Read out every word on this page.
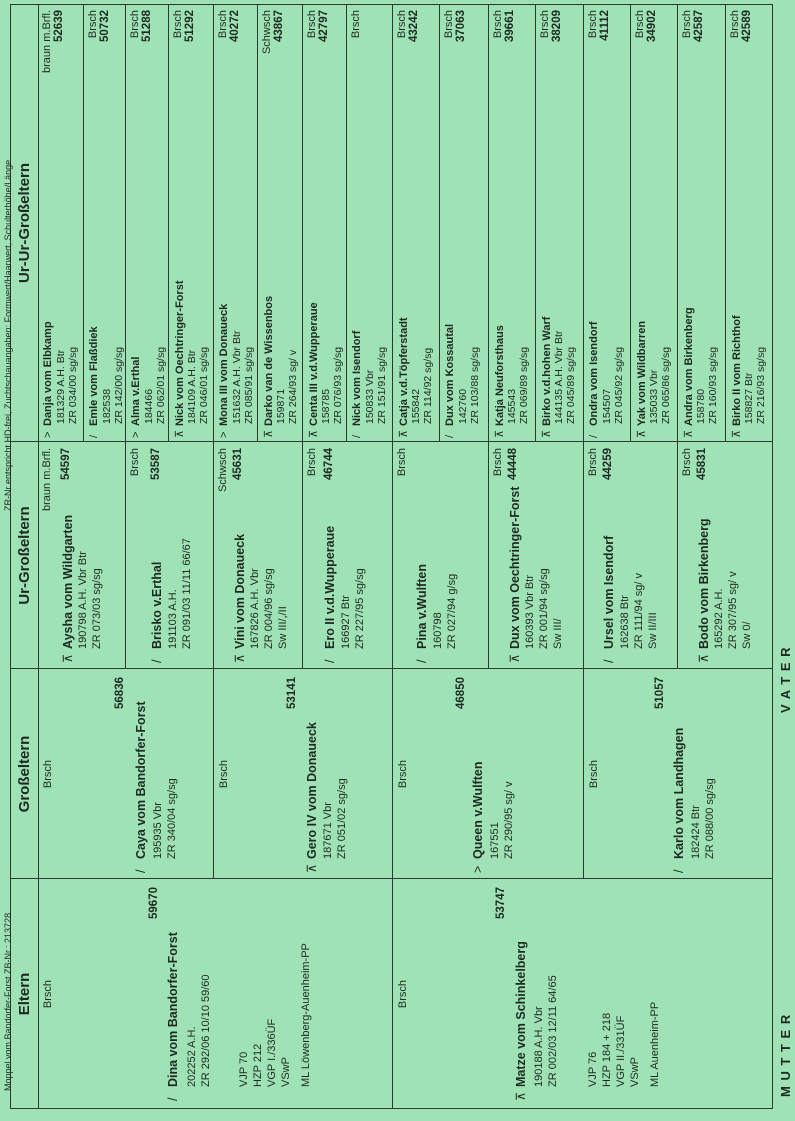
Eltern
Großeltern
Ur-Großeltern
Ur-Ur-Großeltern
M U T T E R
V A T E R
Moppel vom Bandorfer-Forst ZB-Nr.: 213728
ZR-Nr entspricht HD-frei, Zuchtschauangaben: Formwert/Haarwert, Schulterhöhe/Länge
Brsch
/Dina vom Bandorfer-Forst
59670
202252 A.H. ZR 292/06 10/10 59/60 VJP 70 HZP 212 VGP I./336ÜF VSwP ML Löwenberg-Auenheim-PP	Brsch
⊼Matze vom Schinkelberg
53747
190188 A.H. Vbr ZR 002/03 12/11 64/65	VJP 76 HZP 184 + 218 VGP II./331ÜF VSwP ML Auenheim-PP
Brsch
/Caya vom Bandorfer-Forst
56836
195935 Vbr ZR 340/04 sg/sg
Brsch
⊼Gero IV vom Donaueck
53141
187671 Vbr ZR 051/02 sg/sg
Brsch
>Queen v.Wulften
46850
167551 ZR 290/95 sg/ v
Brsch
/Karlo vom Landhagen
51057
182424 Btr ZR 088/00 sg/sg
braun m.Brfl.
⊼Aysha vom Wildgarten
54597
190798 A.H. Vbr Btr ZR 073/03 sg/sg
Brsch
/Brisko v.Erthal
53587
191103 A.H. ZR 091/03 11/11 66/67
Schwsch
⊼Vini vom Donaueck
45631
167826 A.H. Vbr ZR 004/96 sg/sg Sw III/,/II
Brsch
/Ero II v.d.Wupperaue
46744
166927 Btr ZR 227/95 sg/sg
Brsch
/Pina v.Wulften 160798 ZR 027/94 g/sg
Brsch
⊼Dux vom Oechtringer-Forst
44448
160393 Vbr Btr ZR 001/94 sg/sg Sw III/
Brsch
/Ursel vom Isendorf
44259
162638 Btr ZR 111/94 sg/ v Sw II/III
Brsch
⊼Bodo vom Birkenberg
45831
165292 A.H. ZR 307/95 sg/ v Sw 0/
>Danja vom Elbkamp 181329 A.H. Btr ZR 034/00 sg/sg
braun m.Brfl. 52639
/Emle vom Flaßdiek 182538 ZR 142/00 sg/sg
Brsch 50732
>Alma v.Erthal 184466 ZR 062/01 sg/sg
Brsch 51288
⊼Nick vom Oechtringer-Forst 184109 A.H. Btr ZR 046/01 sg/sg
Brsch 51292
>Mona III vom Donaueck 151632 A.H. Vbr Btr ZR 085/91 sg/sg
Brsch 40272
⊼Darko van de Wissenbos 159871 ZR 264/93 sg/ v
Schwsch 43867
⊼Centa III v.d.Wupperaue 158785 ZR 076/93 sg/sg
Brsch 42797
/Nick vom Isendorf 150833 Vbr ZR 151/91 sg/sg
Brsch
⊼Catja v.d.Töpferstadt 155842 ZR 114/92 sg/sg
Brsch 43242
/Dux vom Kossautal 142760 ZR 103/88 sg/sg
Brsch 37063
⊼Katja Neuforsthaus 145543 ZR 069/89 sg/sg
Brsch 39661
⊼Birko v.d.hohen Warf 144135 A.H. Vbr Btr ZR 045/89 sg/sg
Brsch 38209
/Ondra vom Isendorf 154507 ZR 045/92 sg/sg
Brsch 41112
⊼Yak vom Wildbarren 135033 Vbr ZR 065/86 sg/sg
Brsch 34902
⊼Andra vom Birkenberg 158780 ZR 160/93 sg/sg
Brsch 42587
⊼Birko II vom Richthof 158827 Btr ZR 216/93 sg/sg
Brsch 42589
